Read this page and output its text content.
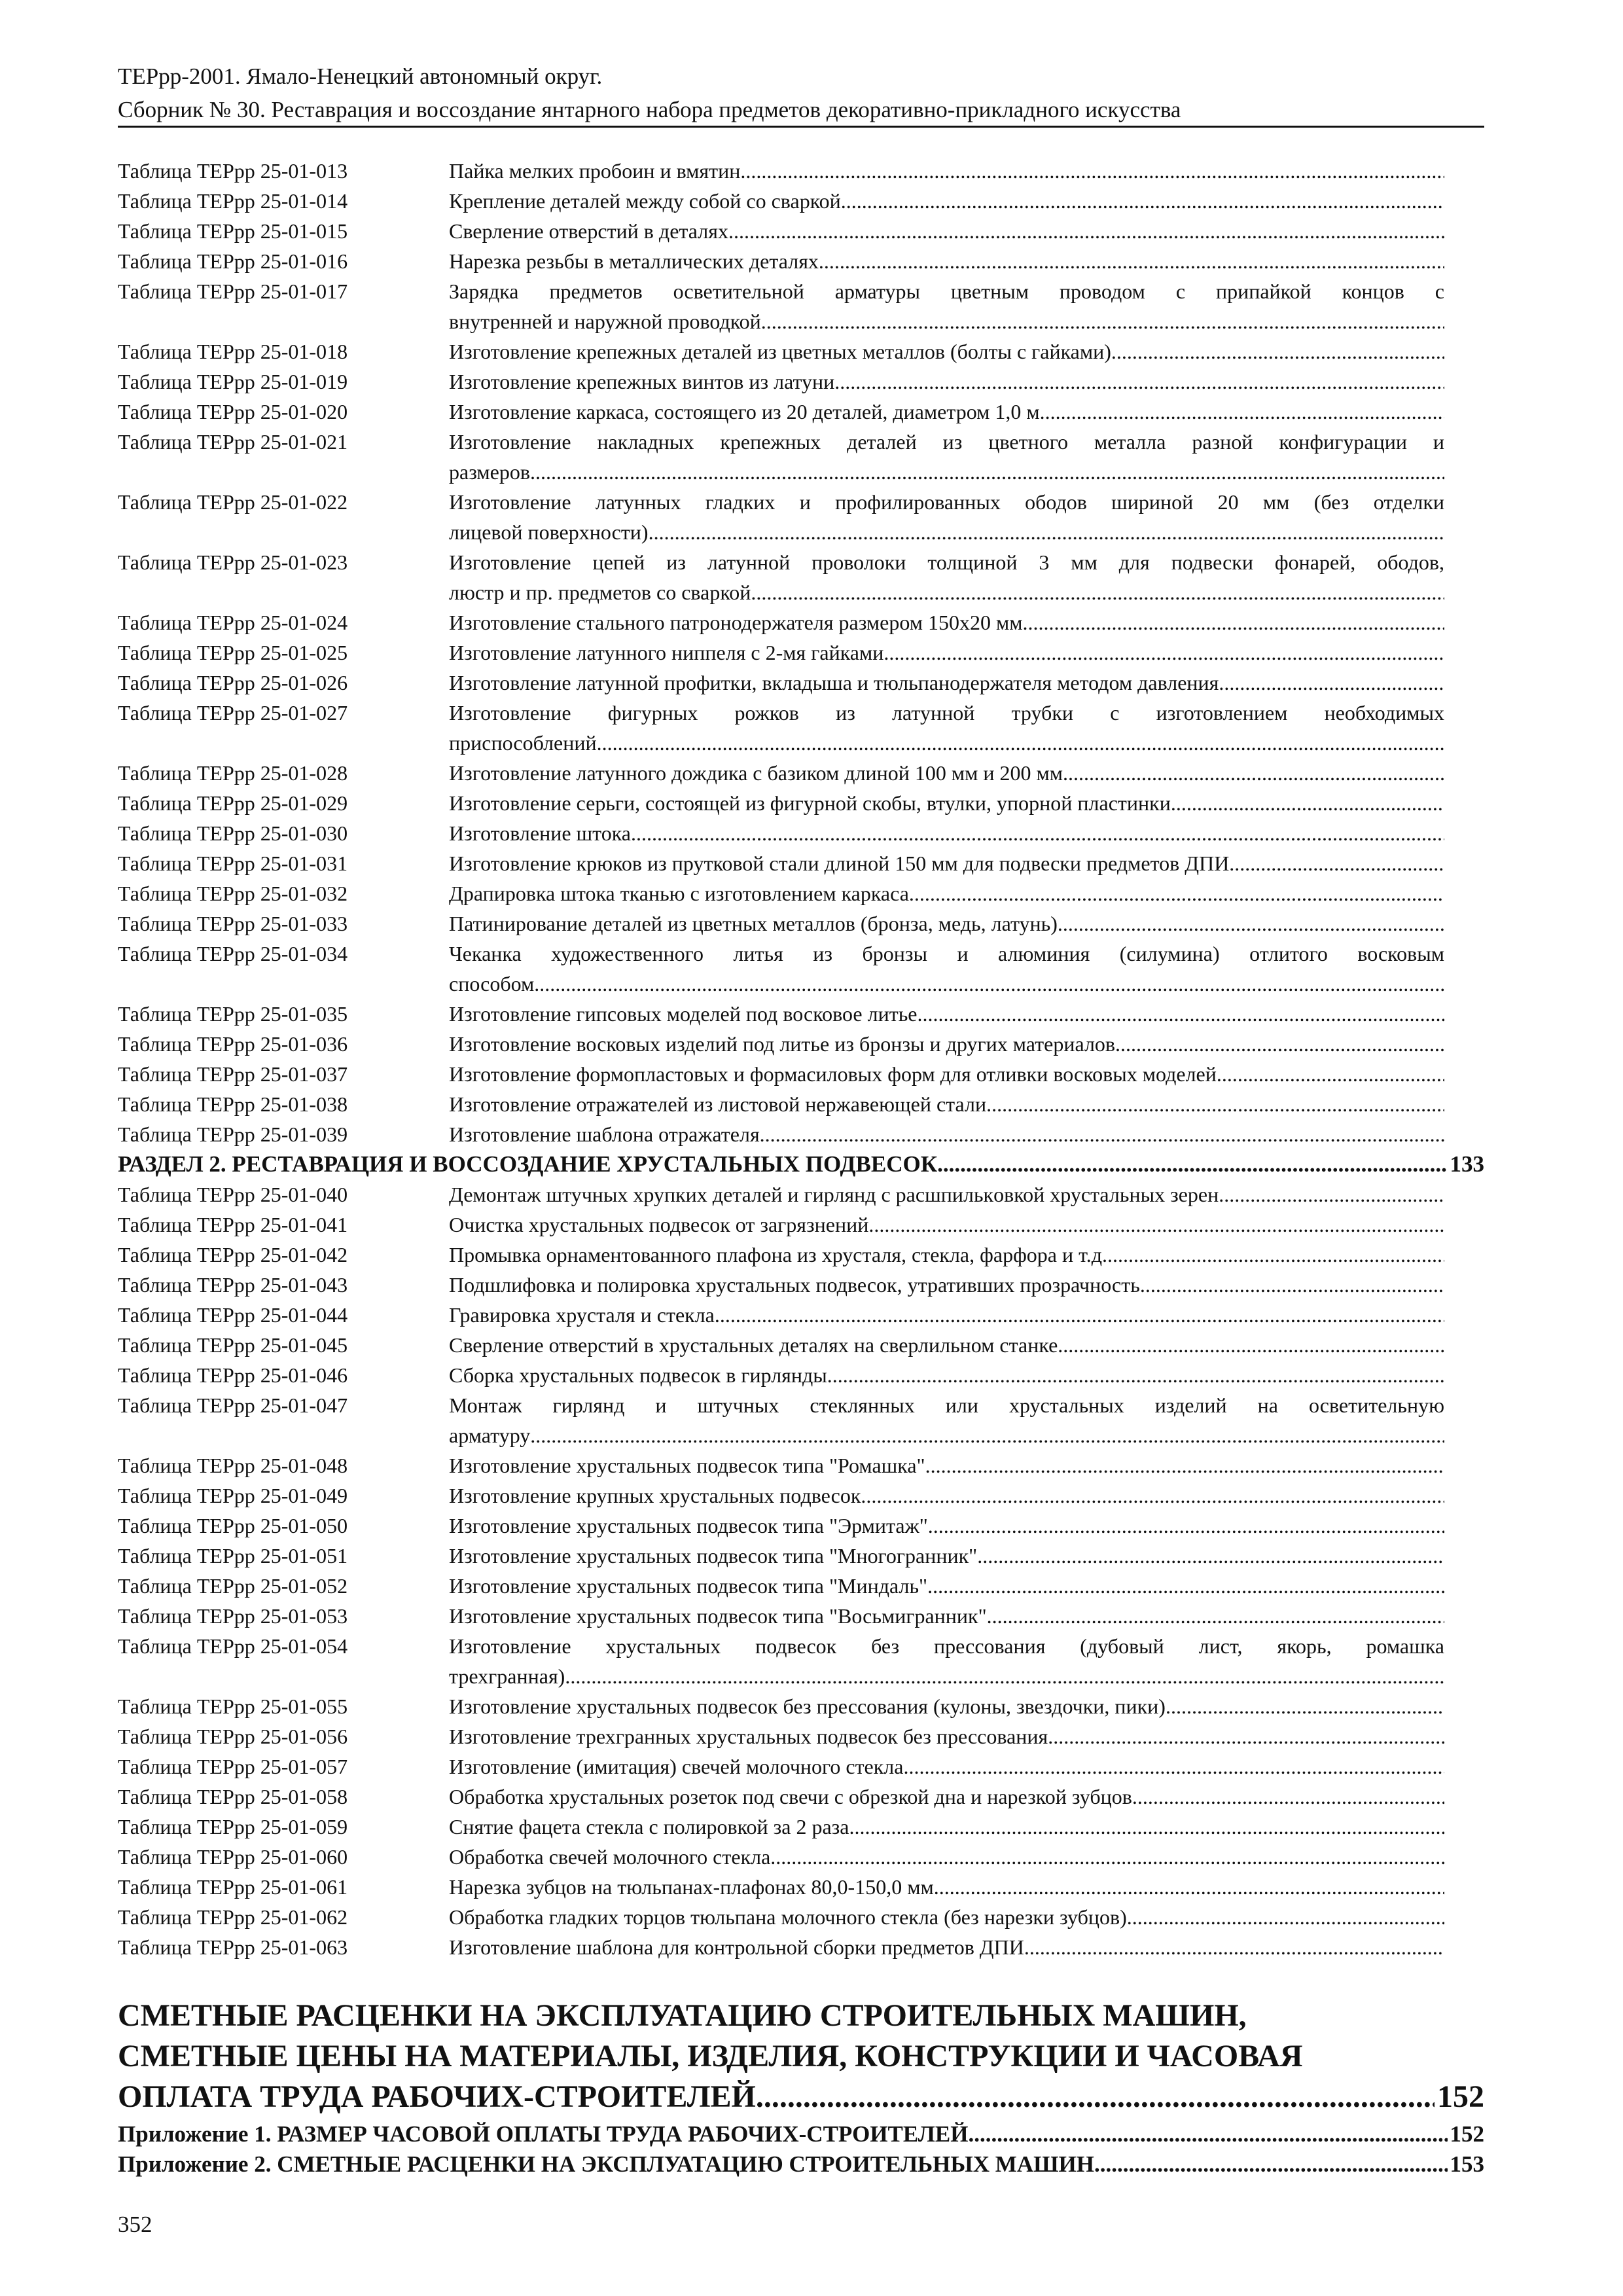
ТЕРрр-2001. Ямало-Ненецкий автономный округ.
Сборник № 30. Реставрация и воссоздание янтарного набора предметов декоративно-прикладного искусства
Таблица ТЕРрр 25-01-013	Пайка мелких пробоин и вмятин
.....
Таблица ТЕРрр 25-01-014	Крепление деталей между собой со сваркой
.....
Таблица ТЕРрр 25-01-015	Сверление отверстий в деталях
.....
Таблица ТЕРрр 25-01-016	Нарезка резьбы в металлических деталях
.....
Таблица ТЕРрр 25-01-017	Зарядка предметов осветительной арматуры цветным проводом с припайкой концов с
внутренней и наружной проводкой
.....
Таблица ТЕРрр 25-01-018	Изготовление крепежных деталей из цветных металлов (болты с гайками)
.....
Таблица ТЕРрр 25-01-019	Изготовление крепежных винтов из латуни
.....
Таблица ТЕРрр 25-01-020	Изготовление каркаса, состоящего из 20 деталей, диаметром 1,0 м
.....
Таблица ТЕРрр 25-01-021	Изготовление накладных крепежных деталей из цветного металла разной конфигурации и
размеров
.....
Таблица ТЕРрр 25-01-022	Изготовление латунных гладких и профилированных ободов шириной 20 мм (без отделки
лицевой поверхности)
.....
Таблица ТЕРрр 25-01-023	Изготовление цепей из латунной проволоки толщиной 3 мм для подвески фонарей, ободов,
люстр и пр. предметов со сваркой
.....
Таблица ТЕРрр 25-01-024	Изготовление стального патронодержателя размером 150х20 мм
.....
Таблица ТЕРрр 25-01-025	Изготовление латунного ниппеля с 2-мя гайками
.....
Таблица ТЕРрр 25-01-026	Изготовление латунной профитки, вкладыша и тюльпанодержателя методом давления
.....
Таблица ТЕРрр 25-01-027	Изготовление фигурных рожков из латунной трубки с изготовлением необходимых
приспособлений
.....
Таблица ТЕРрр 25-01-028	Изготовление латунного дождика с базиком длиной 100 мм и 200 мм
.....
Таблица ТЕРрр 25-01-029	Изготовление серьги, состоящей из фигурной скобы, втулки, упорной пластинки
.....
Таблица ТЕРрр 25-01-030	Изготовление штока
.....
Таблица ТЕРрр 25-01-031	Изготовление крюков из прутковой стали длиной 150 мм для подвески предметов ДПИ
.....
Таблица ТЕРрр 25-01-032	Драпировка штока тканью с изготовлением каркаса
.....
Таблица ТЕРрр 25-01-033	Патинирование деталей из цветных металлов (бронза, медь, латунь)
.....
Таблица ТЕРрр 25-01-034	Чеканка художественного литья из бронзы и алюминия (силумина) отлитого восковым
способом
.....
Таблица ТЕРрр 25-01-035	Изготовление гипсовых моделей под восковое литье
.....
Таблица ТЕРрр 25-01-036	Изготовление восковых изделий под литье из бронзы и других материалов
.....
Таблица ТЕРрр 25-01-037	Изготовление формопластовых и формасиловых форм для отливки восковых моделей
.....
Таблица ТЕРрр 25-01-038	Изготовление отражателей из листовой нержавеющей стали
.....
Таблица ТЕРрр 25-01-039	Изготовление шаблона отражателя
.....
РАЗДЕЛ 2. РЕСТАВРАЦИЯ И ВОССОЗДАНИЕ ХРУСТАЛЬНЫХ ПОДВЕСОК .....	133
Таблица ТЕРрр 25-01-040	Демонтаж штучных хрупких деталей и гирлянд с расшпилькoвкой хрустальных зерен
.....
Таблица ТЕРрр 25-01-041	Очистка хрустальных подвесок от загрязнений
.....
Таблица ТЕРрр 25-01-042	Промывка орнаментованного плафона из хрусталя, стекла, фарфора и т.д.
.....
Таблица ТЕРрр 25-01-043	Подшлифовка и полировка хрустальных подвесок, утративших прозрачность
.....
Таблица ТЕРрр 25-01-044	Гравировка хрусталя и стекла
.....
Таблица ТЕРрр 25-01-045	Сверление отверстий в хрустальных деталях на сверлильном станке
.....
Таблица ТЕРрр 25-01-046	Сборка хрустальных подвесок в гирлянды
.....
Таблица ТЕРрр 25-01-047	Монтаж гирлянд и штучных стеклянных или хрустальных изделий на осветительную
арматуру
.....
Таблица ТЕРрр 25-01-048	Изготовление хрустальных подвесок типа "Ромашка"
.....
Таблица ТЕРрр 25-01-049	Изготовление крупных хрустальных подвесок
.....
Таблица ТЕРрр 25-01-050	Изготовление хрустальных подвесок типа "Эрмитаж"
.....
Таблица ТЕРрр 25-01-051	Изготовление хрустальных подвесок типа "Многогранник"
.....
Таблица ТЕРрр 25-01-052	Изготовление хрустальных подвесок типа "Миндаль"
.....
Таблица ТЕРрр 25-01-053	Изготовление хрустальных подвесок типа "Восьмигранник"
.....
Таблица ТЕРрр 25-01-054	Изготовление хрустальных подвесок без прессования (дубовый лист, якорь, ромашка
трехгранная)
.....
Таблица ТЕРрр 25-01-055	Изготовление хрустальных подвесок без прессования (кулоны, звездочки, пики)
.....
Таблица ТЕРрр 25-01-056	Изготовление трехгранных хрустальных подвесок без прессования
.....
Таблица ТЕРрр 25-01-057	Изготовление (имитация) свечей молочного стекла
.....
Таблица ТЕРрр 25-01-058	Обработка хрустальных розеток под свечи с обрезкой дна и нарезкой зубцов
.....
Таблица ТЕРрр 25-01-059	Снятие фацета стекла с полировкой за 2 раза
.....
Таблица ТЕРрр 25-01-060	Обработка свечей молочного стекла
.....
Таблица ТЕРрр 25-01-061	Нарезка зубцов на тюльпанах-плафонах 80,0-150,0 мм
.....
Таблица ТЕРрр 25-01-062	Обработка гладких торцов тюльпана молочного стекла (без нарезки зубцов)
.....
Таблица ТЕРрр 25-01-063	Изготовление шаблона для контрольной сборки предметов ДПИ
.....
СМЕТНЫЕ РАСЦЕНКИ НА ЭКСПЛУАТАЦИЮ СТРОИТЕЛЬНЫХ МАШИН,
СМЕТНЫЕ ЦЕНЫ НА МАТЕРИАЛЫ, ИЗДЕЛИЯ, КОНСТРУКЦИИ И ЧАСОВАЯ
ОПЛАТА ТРУДА РАБОЧИХ-СТРОИТЕЛЕЙ .....	152
Приложение 1. РАЗМЕР ЧАСОВОЙ ОПЛАТЫ ТРУДА РАБОЧИХ-СТРОИТЕЛЕЙ .....	152
Приложение 2. СМЕТНЫЕ РАСЦЕНКИ НА ЭКСПЛУАТАЦИЮ СТРОИТЕЛЬНЫХ МАШИН .....	153
352
